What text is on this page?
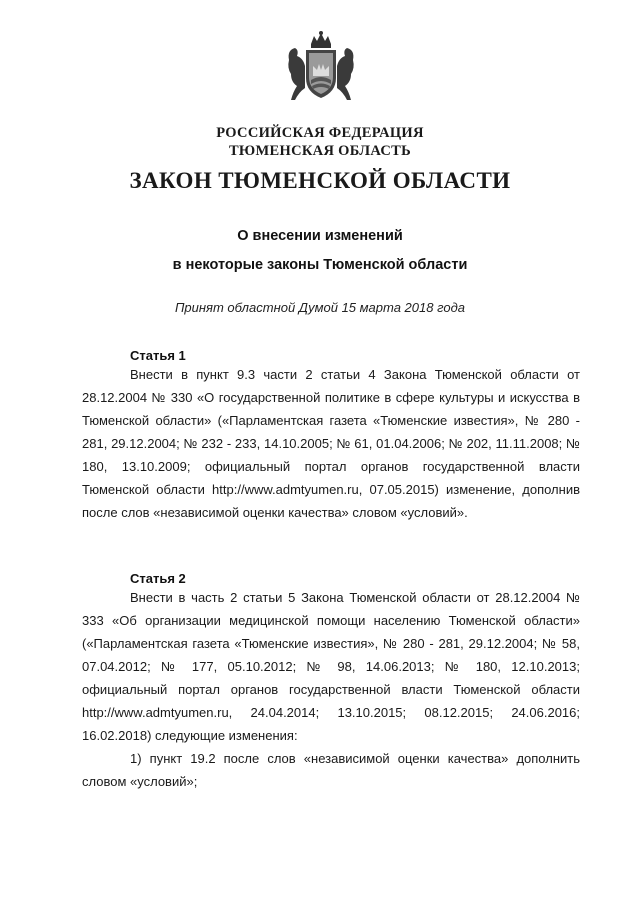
РОССИЙСКАЯ ФЕДЕРАЦИЯ
ТЮМЕНСКАЯ ОБЛАСТЬ
ЗАКОН ТЮМЕНСКОЙ ОБЛАСТИ
О внесении изменений
в некоторые законы Тюменской области
Принят областной Думой 15 марта 2018 года
Статья 1

Внести в пункт 9.3 части 2 статьи 4 Закона Тюменской области от 28.12.2004 № 330 «О государственной политике в сфере культуры и искусства в Тюменской области» («Парламентская газета «Тюменские известия», № 280 - 281, 29.12.2004; № 232 - 233, 14.10.2005; № 61, 01.04.2006; № 202, 11.11.2008; № 180, 13.10.2009; официальный портал органов государственной власти Тюменской области http://www.admtyumen.ru, 07.05.2015) изменение, дополнив после слов «независимой оценки качества» словом «условий».

Статья 2

Внести в часть 2 статьи 5 Закона Тюменской области от 28.12.2004 № 333 «Об организации медицинской помощи населению Тюменской области» («Парламентская газета «Тюменские известия», № 280 - 281, 29.12.2004; № 58, 07.04.2012; № 177, 05.10.2012; № 98, 14.06.2013; № 180, 12.10.2013; официальный портал органов государственной власти Тюменской области http://www.admtyumen.ru, 24.04.2014; 13.10.2015; 08.12.2015; 24.06.2016; 16.02.2018) следующие изменения:

1) пункт 19.2 после слов «независимой оценки качества» дополнить словом «условий»;
